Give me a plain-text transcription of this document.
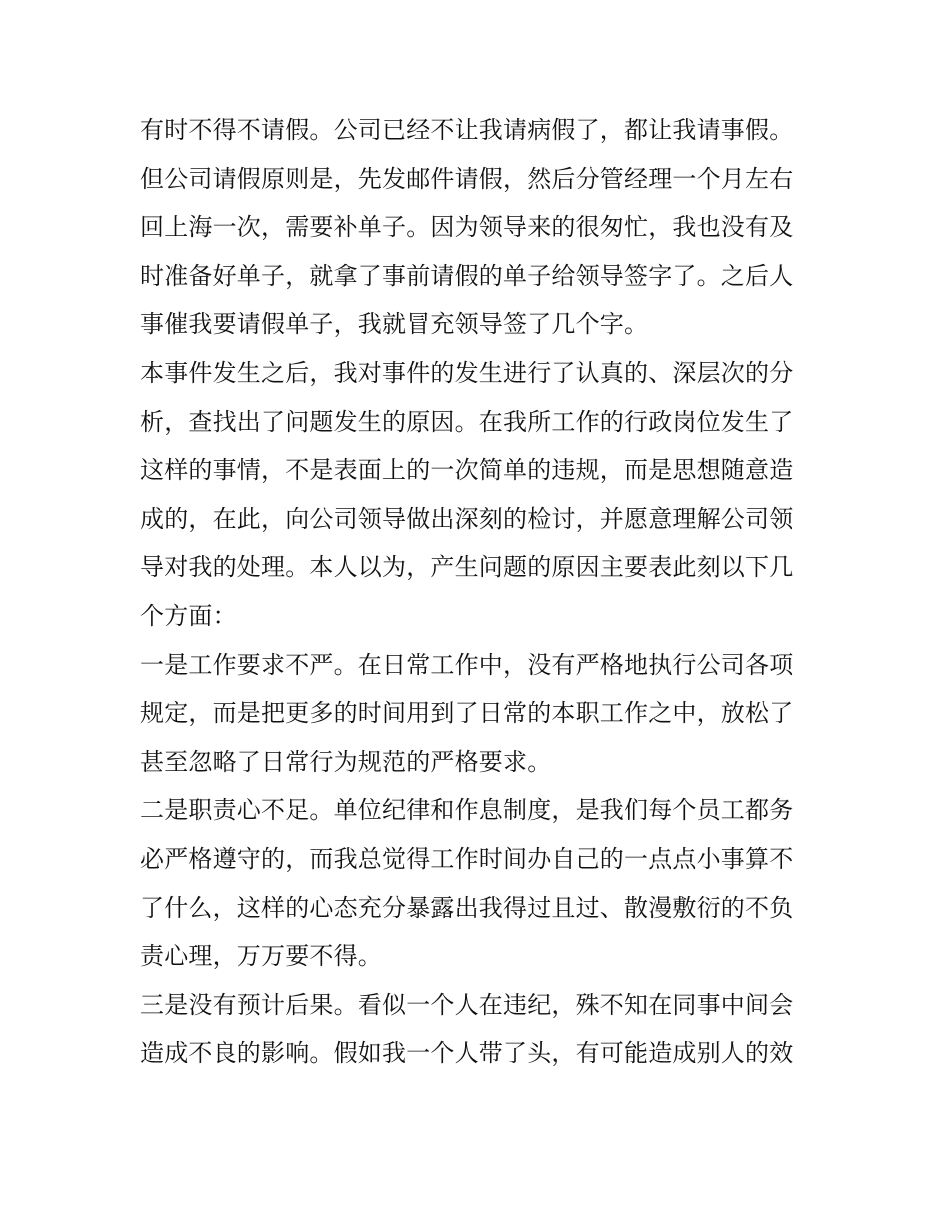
有时不得不请假。公司已经不让我请病假了，都让我请事假。
但公司请假原则是，先发邮件请假，然后分管经理一个月左右
回上海一次，需要补单子。因为领导来的很匆忙，我也没有及
时准备好单子，就拿了事前请假的单子给领导签字了。之后人
事催我要请假单子，我就冒充领导签了几个字。
本事件发生之后，我对事件的发生进行了认真的、深层次的分
析，查找出了问题发生的原因。在我所工作的行政岗位发生了
这样的事情，不是表面上的一次简单的违规，而是思想随意造
成的，在此，向公司领导做出深刻的检讨，并愿意理解公司领
导对我的处理。本人以为，产生问题的原因主要表此刻以下几
个方面：
一是工作要求不严。在日常工作中，没有严格地执行公司各项
规定，而是把更多的时间用到了日常的本职工作之中，放松了
甚至忽略了日常行为规范的严格要求。
二是职责心不足。单位纪律和作息制度，是我们每个员工都务
必严格遵守的，而我总觉得工作时间办自己的一点点小事算不
了什么，这样的心态充分暴露出我得过且过、散漫敷衍的不负
责心理，万万要不得。
三是没有预计后果。看似一个人在违纪，殊不知在同事中间会
造成不良的影响。假如我一个人带了头，有可能造成别人的效
